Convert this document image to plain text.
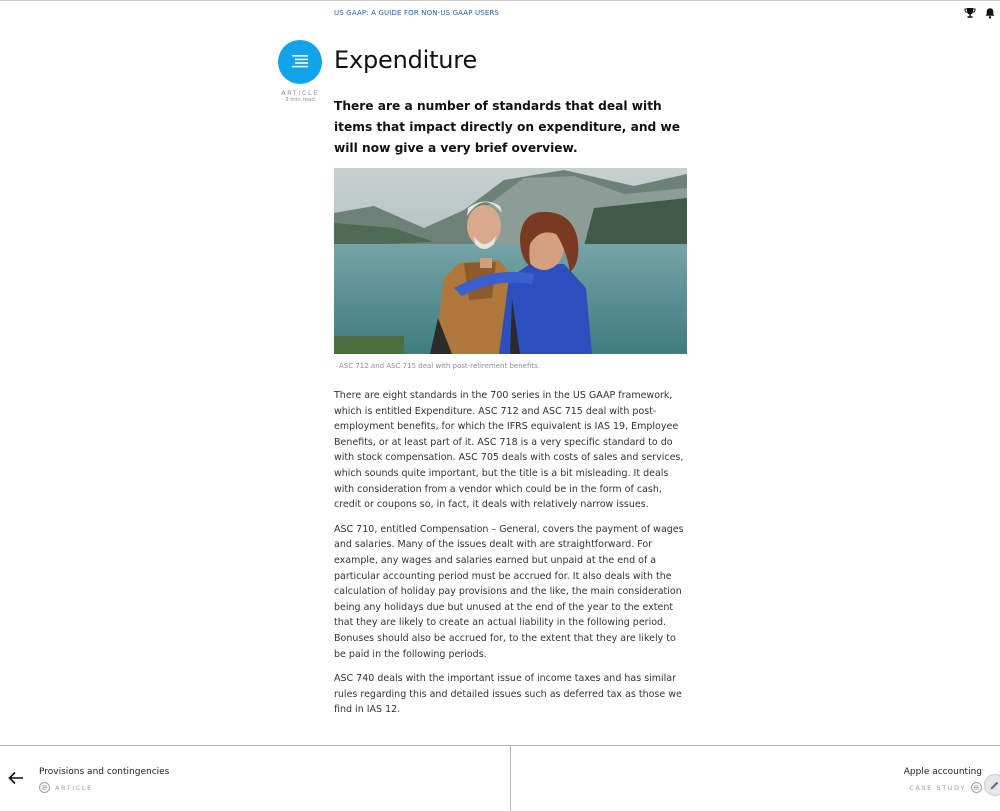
US GAAP: A GUIDE FOR NON-US GAAP USERS
ARTICLE
3 min read
Expenditure

There are a number of standards that deal with items that impact directly on expenditure, and we will now give a very brief overview.

ASC 712 and ASC 715 deal with post-retirement benefits.

There are eight standards in the 700 series in the US GAAP framework, which is entitled Expenditure. ASC 712 and ASC 715 deal with post-employment benefits, for which the IFRS equivalent is IAS 19, Employee Benefits, or at least part of it. ASC 718 is a very specific standard to do with stock compensation. ASC 705 deals with costs of sales and services, which sounds quite important, but the title is a bit misleading. It deals with consideration from a vendor which could be in the form of cash, credit or coupons so, in fact, it deals with relatively narrow issues.

ASC 710, entitled Compensation – General, covers the payment of wages and salaries. Many of the issues dealt with are straightforward. For example, any wages and salaries earned but unpaid at the end of a particular accounting period must be accrued for. It also deals with the calculation of holiday pay provisions and the like, the main consideration being any holidays due but unused at the end of the year to the extent that they are likely to create an actual liability in the following period. Bonuses should also be accrued for, to the extent that they are likely to be paid in the following periods.

ASC 740 deals with the important issue of income taxes and has similar rules regarding this and detailed issues such as deferred tax as those we find in IAS 12.

Provisions and contingencies
ARTICLE
Apple accounting
CASE STUDY
